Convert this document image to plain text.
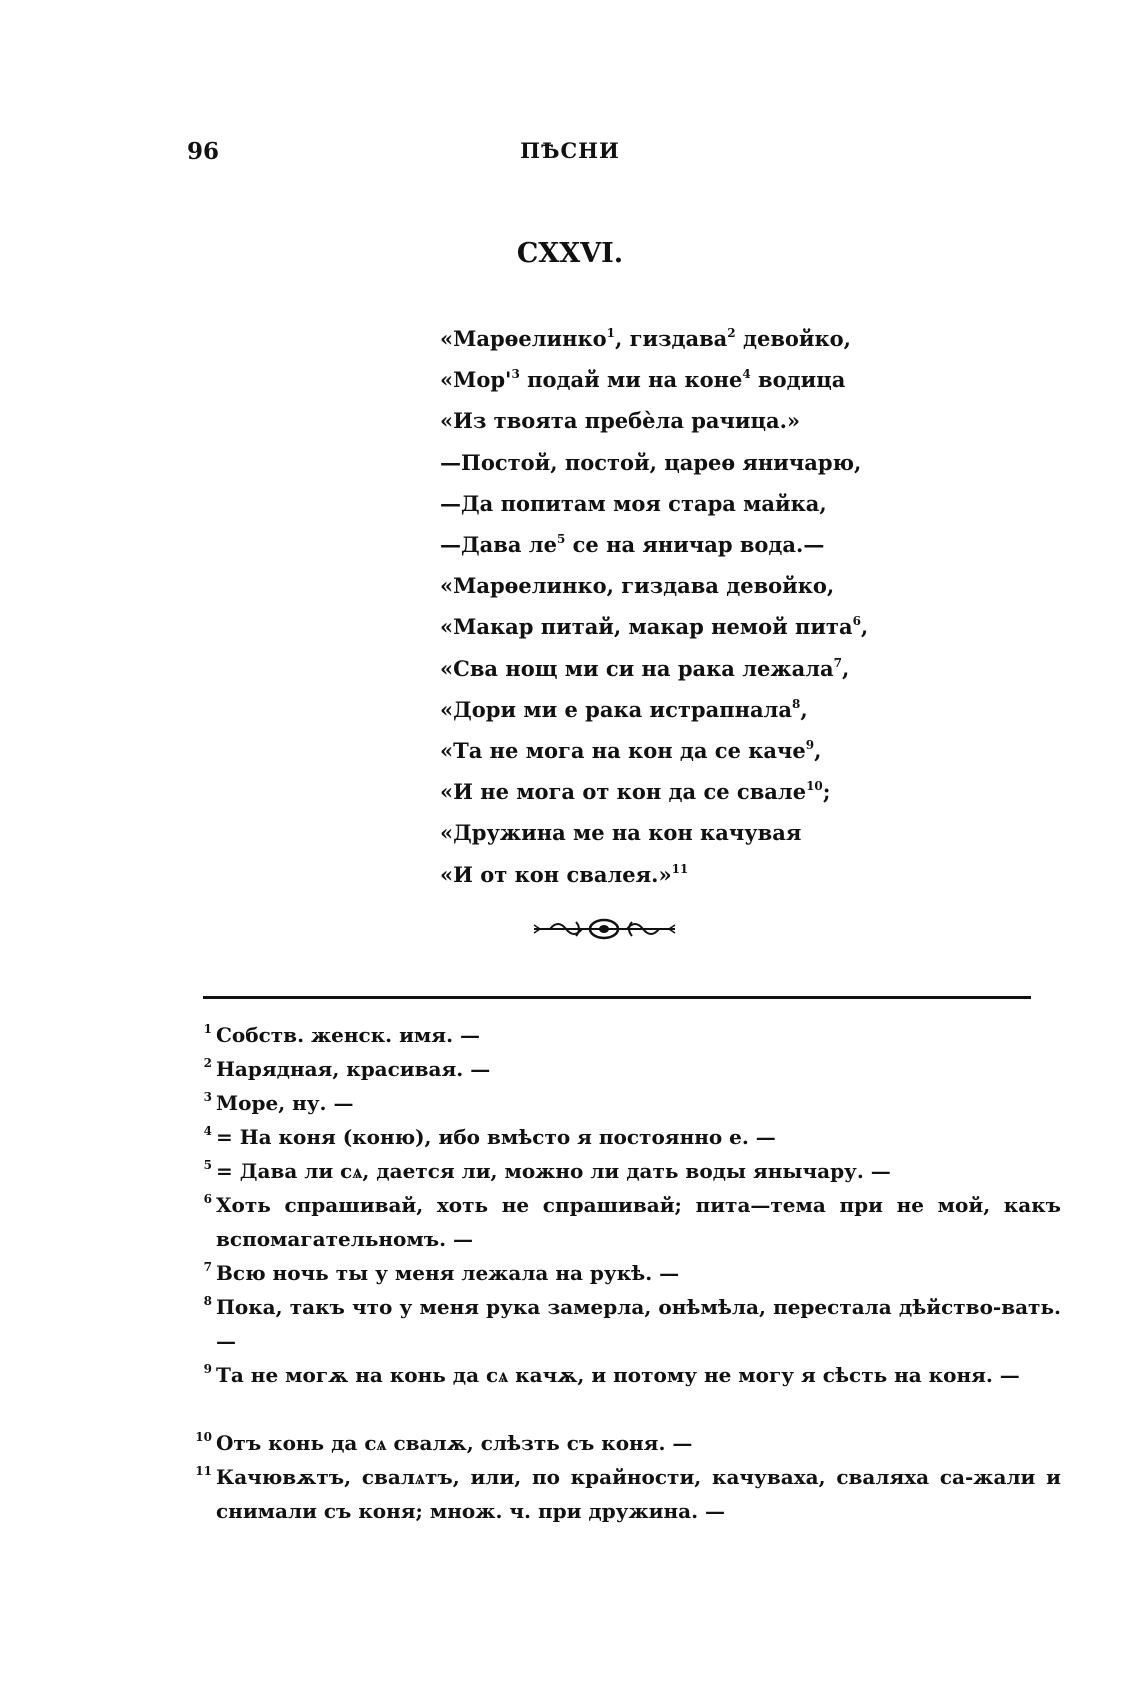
96	ПѢСНИ
CXXVI.
«Марѳелинко$^1$, гиздава$^2$ девойко,
«$Мор'^3$ подай ми на коне$^4$ водица
«Из твоята пребѐла рачица.»
—Постой, постой, цареѳ яничарю,
—Да попитам моя стара майка,
—Дава $ле^5$ се на яничар вода.—
«Марѳелинко, гиздава девойко,
«Макар питай, макар немой пита$^6$,
«Сва нощ ми си на рака лежала$^7$,
«Дори ми е рака истрапнала$^8$,
«Та не мога на кон да се каче$^9$,
«И не мога от кон да се свале$^{10}$;
«Дружина ме на кон качувая
«И от кон свалея.»$^{11}$
1 Собств. женск. имя. —
2 Нарядная, красивая. —
3 Море, ну. —
4 = На коня (коню), ибо вмѣсто я постоянно е. —
5 = Дава ли сѧ, дается ли, можно ли дать воды янычару. —
6 Хоть спрашивай, хоть не спрашивай; пита—тема при не мой, какъ вспомагательномъ. —
7 Всю ночь ты у меня лежала на рукѣ. —
8 Пока, такъ что у меня рука замерла, онѣмѣла, перестала дѣйство-вать. —
9 Та не могѫ на конь да сѧ качѫ, и потому не могу я сѣсть на коня. —
10 Отъ конь да сѧ свалѫ, слѣзть съ коня. —
11 Качювѫтъ, свалѧтъ, или, по крайности, качуваха, сваляха са-жали и снимали съ коня; множ. ч. при дружина. —
